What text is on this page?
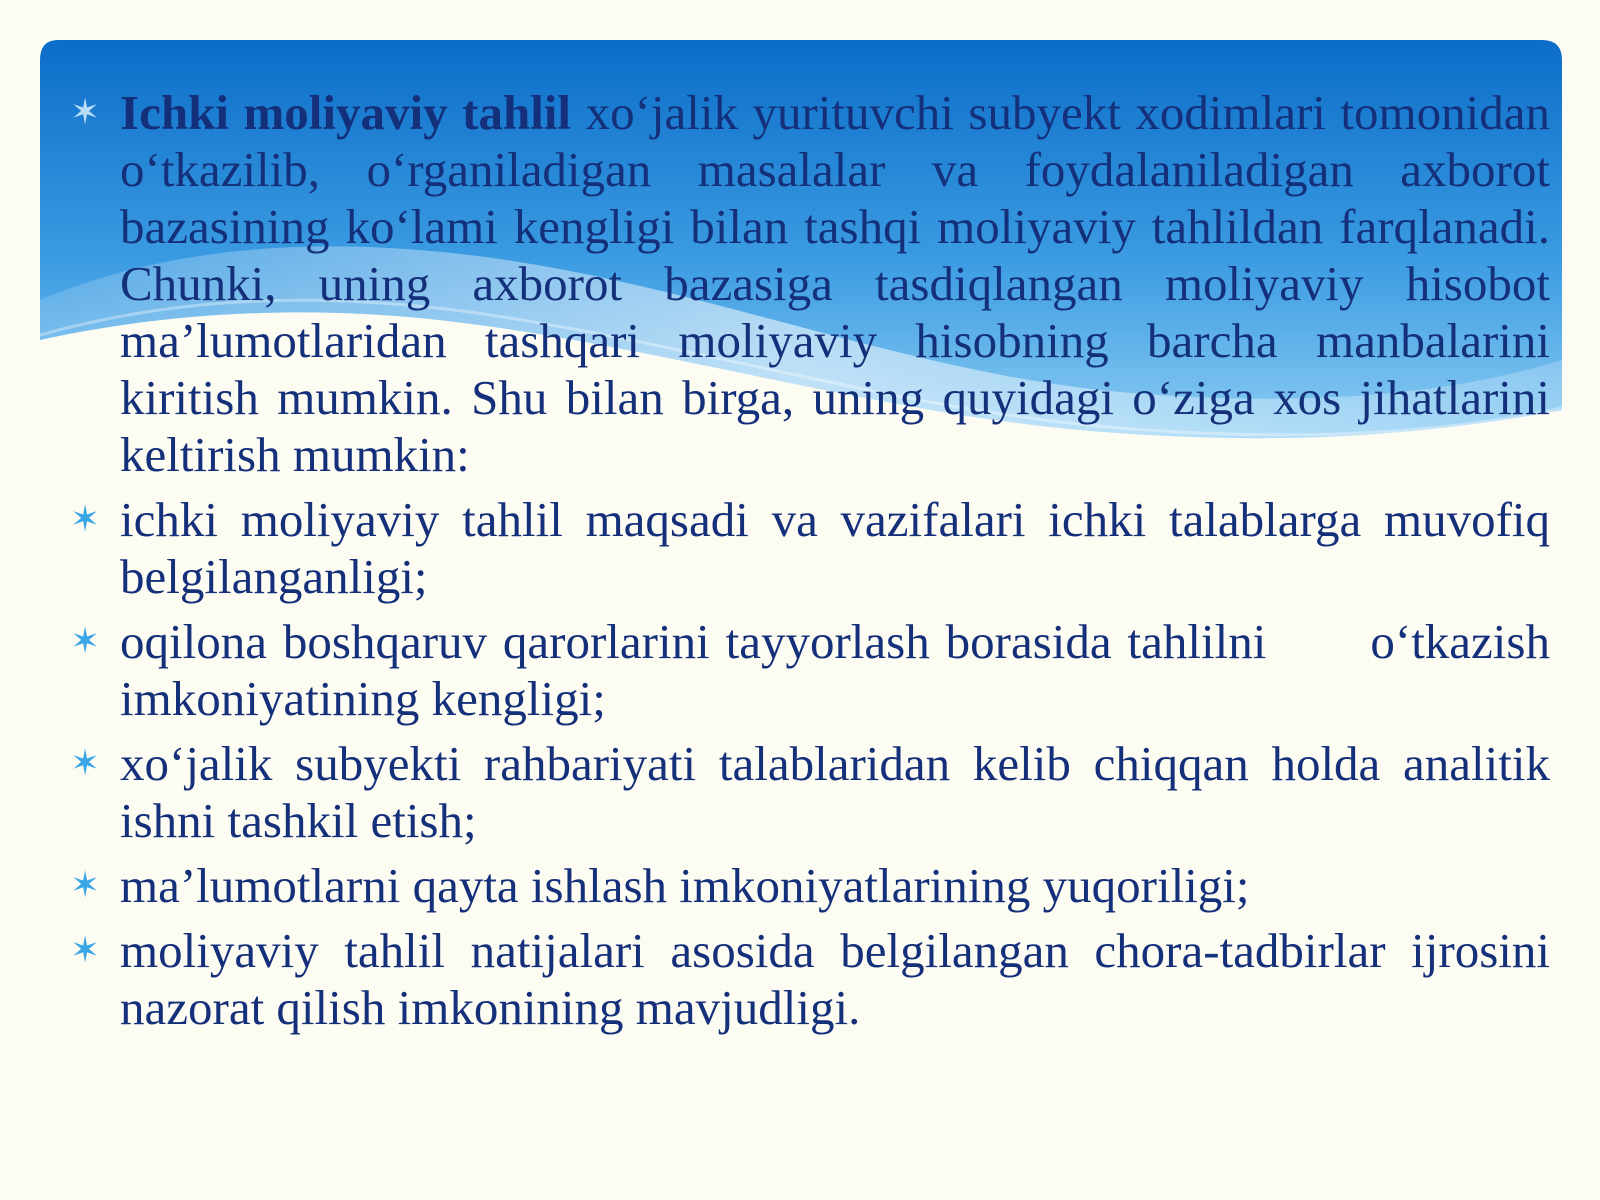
✶ Ichki moliyaviy tahlil xo‘jalik yurituvchi subyekt xodimlari tomonidan o‘tkazilib, o‘rganiladigan masalalar va foydalaniladigan axborot bazasining ko‘lami kengligi bilan tashqi moliyaviy tahlildan farqlanadi. Chunki, uning axborot bazasiga tasdiqlangan moliyaviy hisobot ma’lumotlaridan tashqari moliyaviy hisobning barcha manbalarini kiritish mumkin. Shu bilan birga, uning quyidagi o‘ziga xos jihatlarini keltirish mumkin:
✶ ichki moliyaviy tahlil maqsadi va vazifalari ichki talablarga muvofiq belgilanganligi;
✶ oqilona boshqaruv qarorlarini tayyorlash borasida tahlilni o‘tkazish imkoniyatining kengligi;
✶ xo‘jalik subyekti rahbariyati talablaridan kelib chiqqan holda analitik ishni tashkil etish;
✶ ma’lumotlarni qayta ishlash imkoniyatlarining yuqoriligi;
✶ moliyaviy tahlil natijalari asosida belgilangan chora-tadbirlar ijrosini nazorat qilish imkonining mavjudligi.
